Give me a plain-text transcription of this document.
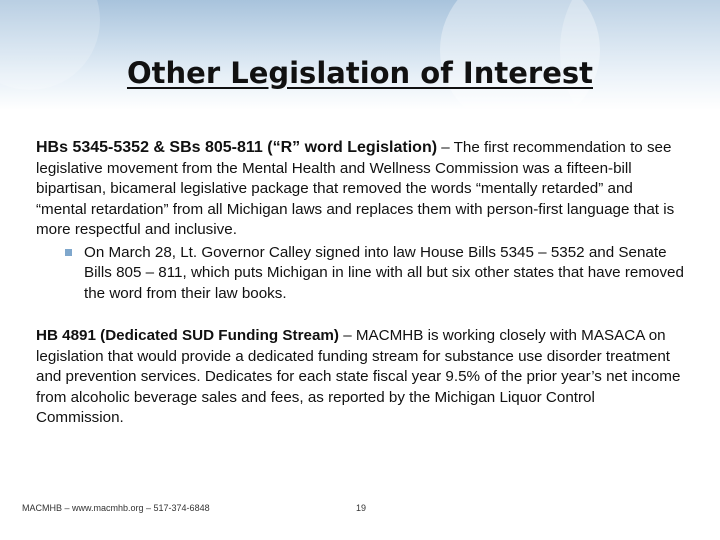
Other Legislation of Interest

HBs 5345-5352 & SBs 805-811 (“R” word Legislation) – The first recommendation to see legislative movement from the Mental Health and Wellness Commission was a fifteen-bill bipartisan, bicameral legislative package that removed the words “mentally retarded” and “mental retardation” from all Michigan laws and replaces them with person-first language that is more respectful and inclusive.

On March 28, Lt. Governor Calley signed into law House Bills 5345 – 5352 and Senate Bills 805 – 811, which puts Michigan in line with all but six other states that have removed the word from their law books.

HB 4891 (Dedicated SUD Funding Stream) – MACMHB is working closely with MASACA on legislation that would provide a dedicated funding stream for substance use disorder treatment and prevention services. Dedicates for each state fiscal year 9.5% of the prior year’s net income from alcoholic beverage sales and fees, as reported by the Michigan Liquor Control Commission.

MACMHB – www.macmhb.org – 517-374-6848	19
